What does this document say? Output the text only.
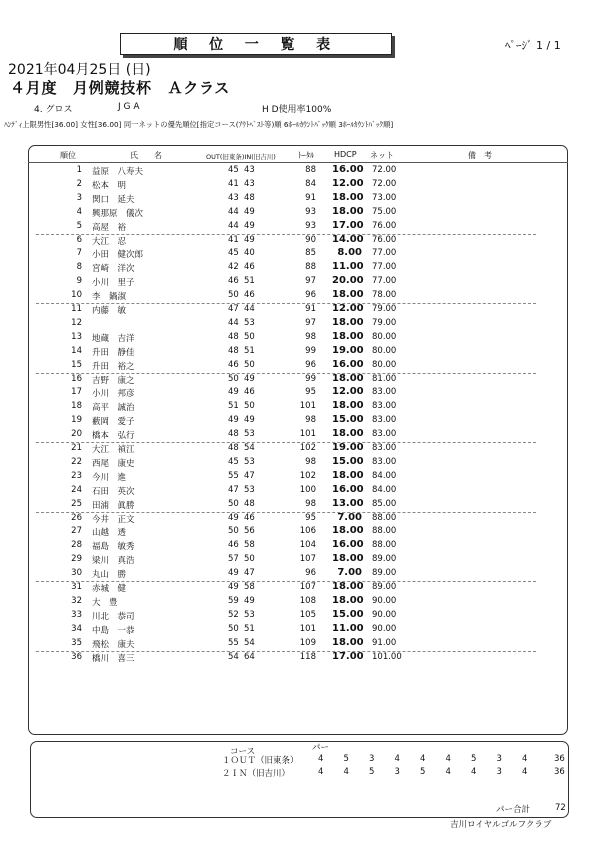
順 位 一 覧 表	ﾍﾟｰｼﾞ 1 / 1
2021年04月25日 (日)
４月度　月例競技杯　Ａクラス
4. グロス	J G A	H D使用率100%
ﾊﾝﾃﾞｨ上限男性[36.00] 女性[36.00] 同一ネットの優先順位[指定コース(ｱｳﾄﾍﾞｽﾄ等)順 6ﾎｰﾙｶｳﾝﾄﾊﾞｯｸ順 3ﾎｰﾙｶｳﾝﾄﾊﾞｯｸ順]
順位	氏　　名	OUT(旧東条)IN(旧吉川)	ﾄｰﾀﾙ	HDCP ネット	備　考
1 益原　八寿夫	45 43	88 16.00 72.00
2 松本　明	41 43	84 12.00 72.00
3 関口　延夫	43 48	91 18.00 73.00
4 興那原　儀次	44 49	93 18.00 75.00
5 高屋　裕	44 49	93 17.00 76.00
6 大江　忍	41 49	90 14.00 76.00
7 小田　健次郎	45 40	85	8.00 77.00
8 宮崎　洋次	42 46	88 11.00 77.00
9 小川　里子	46 51	97 20.00 77.00
10 李　鍋淑	50 46	96 18.00 78.00
11 内藤　敏	47 44	91 12.00 79.00
12	44 53	97 18.00 79.00
13 地蔵　吉洋	48 50	98 18.00 80.00
14 升田　静佳	48 51	99 19.00 80.00
15 升田　裕之	46 50	96 16.00 80.00
16 吉野　康之	50 49	99 18.00 81.00
17 小川　邦彦	49 46	95 12.00 83.00
18 高平　誠治	51 50	101 18.00 83.00
19 藪岡　愛子	49 49	98 15.00 83.00
20 橋本　弘行	48 53	101 18.00 83.00
21 大江　禎江	48 54	102 19.00 83.00
22 西尾　康史	45 53	98 15.00 83.00
23 今川　進	55 47	102 18.00 84.00
24 石田　英次	47 53	100 16.00 84.00
25 田浦　眞勝	50 48	98 13.00 85.00
26 今井　正文	49 46	95	7.00 88.00
27 山越　透	50 56	106 18.00 88.00
28 福島　敏秀	46 58	104 16.00 88.00
29 梁川　真浩	57 50	107 18.00 89.00
30 丸山　勝	49 47	96	7.00 89.00
31 赤城　健	49 58	107 18.00 89.00
32 大　豊	59 49	108 18.00 90.00
33 川北　恭司	52 53	105 15.00 90.00
34 中島　一恭	50 51	101 11.00 90.00
35 飛松　康夫	55 54	109 18.00 91.00
36 橋川　喜三	54 64	118 17.00 101.00
コース	パー
１ＯＵＴ（旧東条） 4 5 3 4 4 4 5 3 4	36
２ＩＮ（旧吉川）	4 4 5 3 5 4 4 3 4	36
パー合計	72
吉川ロイヤルゴルフクラブ
